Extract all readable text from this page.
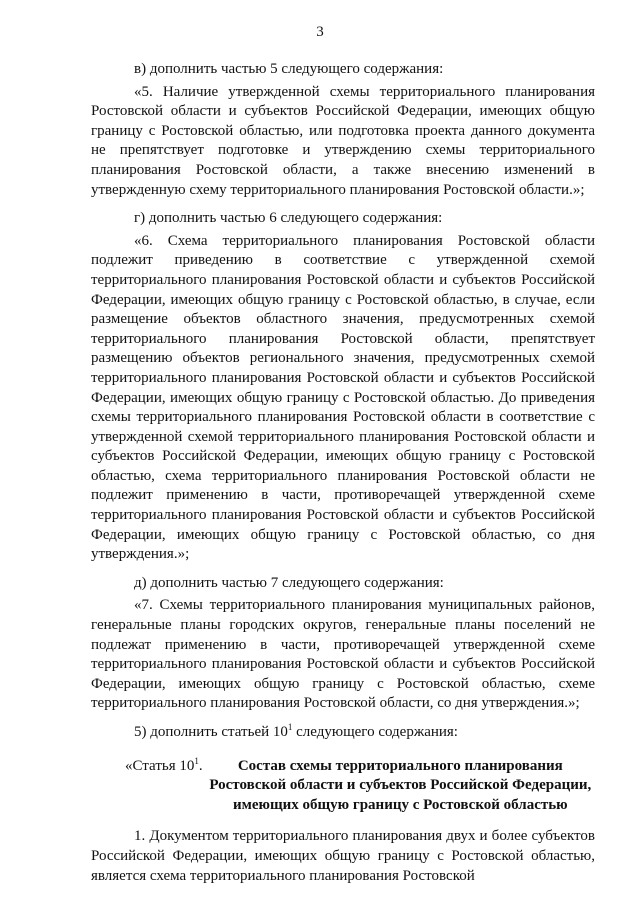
3

в) дополнить частью 5 следующего содержания:

«5. Наличие утвержденной схемы территориального планирования Ростовской области и субъектов Российской Федерации, имеющих общую границу с Ростовской областью, или подготовка проекта данного документа не препятствует подготовке и утверждению схемы территориального планирования Ростовской области, а также внесению изменений в утвержденную схему территориального планирования Ростовской области.»;

г) дополнить частью 6 следующего содержания:

«6. Схема территориального планирования Ростовской области подлежит приведению в соответствие с утвержденной схемой территориального планирования Ростовской области и субъектов Российской Федерации, имеющих общую границу с Ростовской областью, в случае, если размещение объектов областного значения, предусмотренных схемой территориального планирования Ростовской области, препятствует размещению объектов регионального значения, предусмотренных схемой территориального планирования Ростовской области и субъектов Российской Федерации, имеющих общую границу с Ростовской областью. До приведения схемы территориального планирования Ростовской области в соответствие с утвержденной схемой территориального планирования Ростовской области и субъектов Российской Федерации, имеющих общую границу с Ростовской областью, схема территориального планирования Ростовской области не подлежит применению в части, противоречащей утвержденной схеме территориального планирования Ростовской области и субъектов Российской Федерации, имеющих общую границу с Ростовской областью, со дня утверждения.»;

д) дополнить частью 7 следующего содержания:

«7. Схемы территориального планирования муниципальных районов, генеральные планы городских округов, генеральные планы поселений не подлежат применению в части, противоречащей утвержденной схеме территориального планирования Ростовской области и субъектов Российской Федерации, имеющих общую границу с Ростовской областью, схеме территориального планирования Ростовской области, со дня утверждения.»;

5) дополнить статьей $10^1$ следующего содержания:

«Статья $10^1$.	Состав схемы территориального планирования Ростовской области и субъектов Российской Федерации, имеющих общую границу с Ростовской областью

1. Документом территориального планирования двух и более субъектов Российской Федерации, имеющих общую границу с Ростовской областью, является схема территориального планирования Ростовской
